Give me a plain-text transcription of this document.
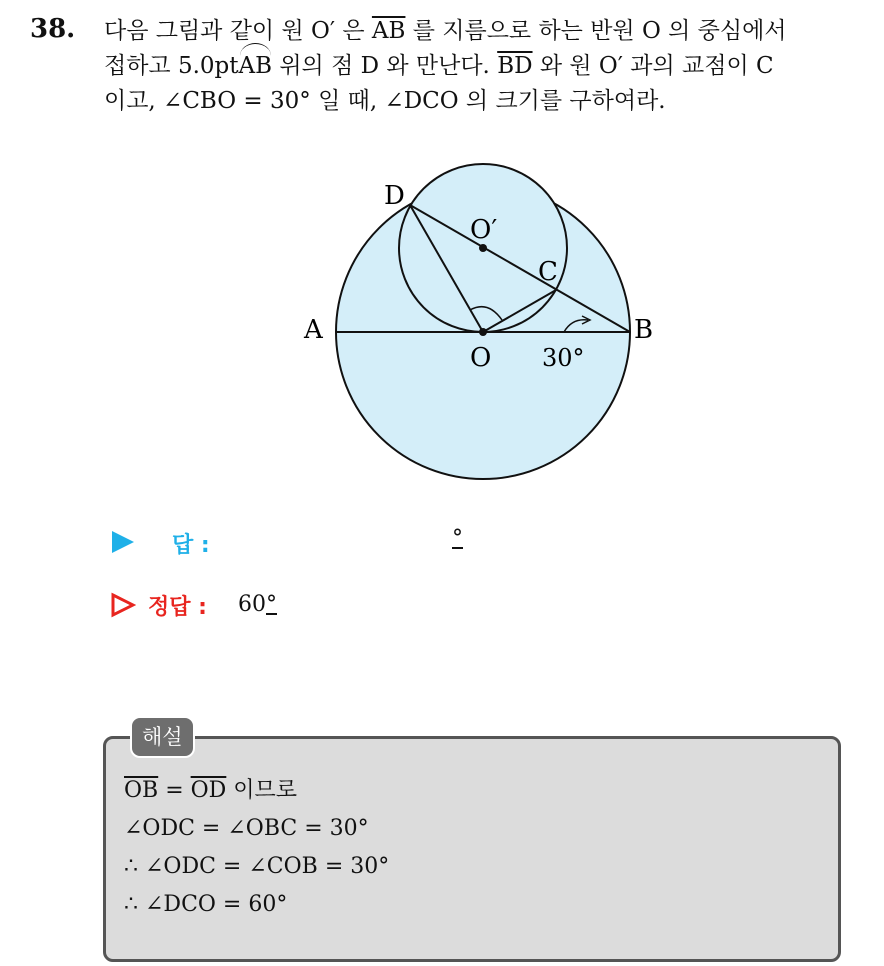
38. 다음 그림과 같이 원 O′ 은 $\overline{AB}$ 를 지름으로 하는 반원 O 의 중심에서
접하고 5.0ptAB 위의 점 D 와 만난다. $\overline{BD}$ 와 원 O′ 과의 교점이 C
이고, ∠CBO = 30° 일 때, ∠DCO 의 크기를 구하여라.
A	B
O
D
C
O′
30°
답 :	°
정답 : 60°
해설
$\overline{OB} = \overline{OD}$ 이므로
∠ODC = ∠OBC = 30°
∴ ∠ODC = ∠COB = 30°
∴ ∠DCO = 60°
